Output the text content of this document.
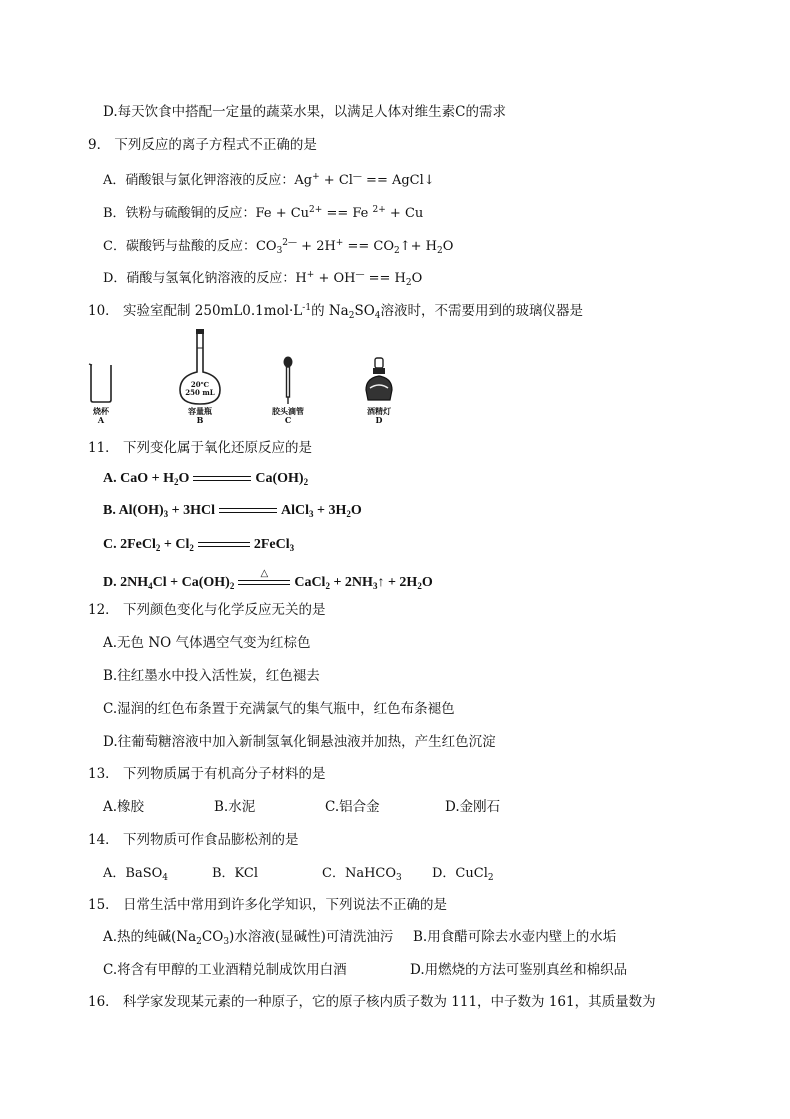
D.每天饮食中搭配一定量的蔬菜水果，以满足人体对维生素C的需求
9． 下列反应的离子方程式不正确的是
A．硝酸银与氯化钾溶液的反应：Ag+ + Cl— == AgCl↓
B．铁粉与硫酸铜的反应：$Fe + Cu^{2+} == Fe$ $^{2+}$ + Cu
C．碳酸钙与盐酸的反应：$CO_3^{2—} + 2H^+$ == $CO_2↑+ H_2O$
D．硝酸与氢氧化钠溶液的反应：$H^+ + OH^— == H_2O$
10． 实验室配制 $250mL0.1mol\cdot L^{-1}$的 $Na_2SO_4$溶液时，不需要用到的玻璃仪器是
烧杯
A
20℃
250 mL
容量瓶
B
胶头滴管
C
酒精灯
D
11． 下列变化属于氧化还原反应的是
A. CaO + $H_2O$	$Ca(OH)_2$
B. $Al(OH)_3 + 3HCl$	AlCl$_3$ + $3H_2O$
C. 2FeCl$_2$ + $Cl_2$	2FeCl$_3$
D. $2NH_4Cl + Ca(OH)_2$
△
CaCl$_2$ + $2NH_3↑ + 2H_2O$
12． 下列颜色变化与化学反应无关的是
A.无色 NO 气体遇空气变为红棕色
B.往红墨水中投入活性炭，红色褪去
C.湿润的红色布条置于充满氯气的集气瓶中，红色布条褪色
D.往葡萄糖溶液中加入新制氢氧化铜悬浊液并加热，产生红色沉淀
13． 下列物质属于有机高分子材料的是
A.橡胶	B.水泥	C.铝合金	D.金刚石
14． 下列物质可作食品膨松剂的是
A．BaSO$_4$	B．KCl	C．NaHCO$_3$ D．CuCl$_2$
15． 日常生活中常用到许多化学知识，下列说法不正确的是
A.热的纯碱$(Na_2CO_3)$水溶液(显碱性)可清洗油污 B.用食醋可除去水壶内壁上的水垢
C.将含有甲醇的工业酒精兑制成饮用白酒	D.用燃烧的方法可鉴别真丝和棉织品
16． 科学家发现某元素的一种原子，它的原子核内质子数为 111，中子数为 161，其质量数为
